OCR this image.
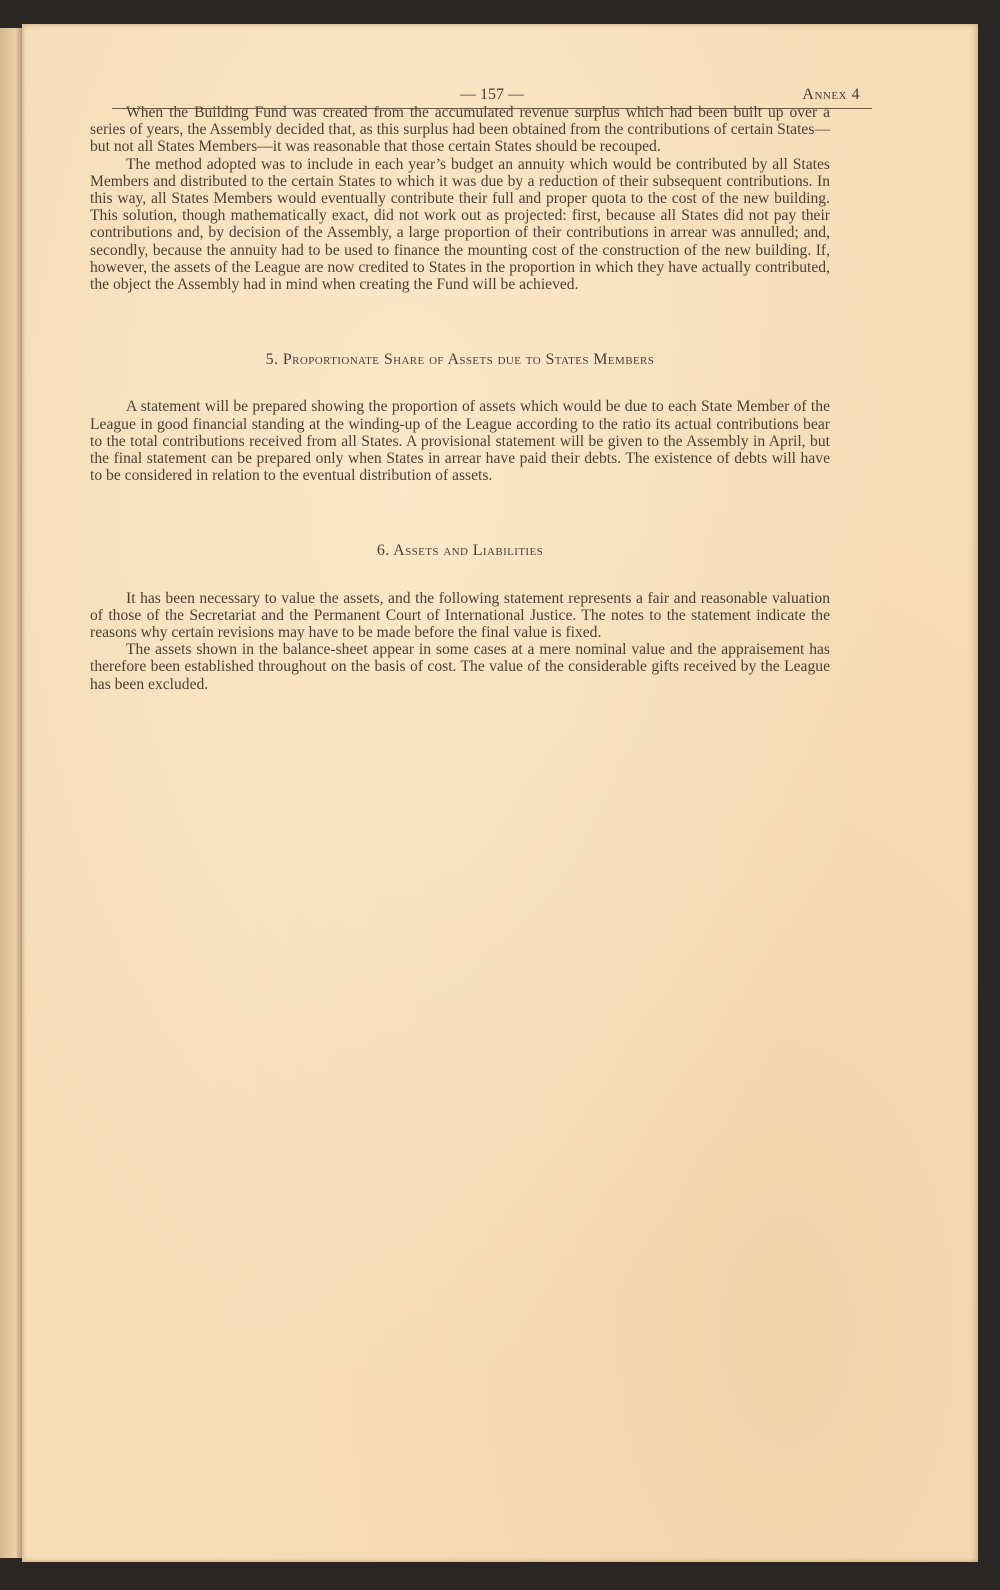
— 157 —	Annex 4

When the Building Fund was created from the accumulated revenue surplus which had been built up over a series of years, the Assembly decided that, as this surplus had been obtained from the contributions of certain States—but not all States Members—it was reasonable that those certain States should be recouped.

The method adopted was to include in each year’s budget an annuity which would be contributed by all States Members and distributed to the certain States to which it was due by a reduction of their subsequent contributions. In this way, all States Members would eventually contribute their full and proper quota to the cost of the new building. This solution, though mathematically exact, did not work out as projected: first, because all States did not pay their contributions and, by decision of the Assembly, a large proportion of their contributions in arrear was annulled; and, secondly, because the annuity had to be used to finance the mounting cost of the construction of the new building. If, however, the assets of the League are now credited to States in the proportion in which they have actually contributed, the object the Assembly had in mind when creating the Fund will be achieved.

5. Proportionate Share of Assets due to States Members

A statement will be prepared showing the proportion of assets which would be due to each State Member of the League in good financial standing at the winding-up of the League according to the ratio its actual contributions bear to the total contributions received from all States. A provisional statement will be given to the Assembly in April, but the final statement can be prepared only when States in arrear have paid their debts. The existence of debts will have to be considered in relation to the eventual distribution of assets.

6. Assets and Liabilities

It has been necessary to value the assets, and the following statement represents a fair and reasonable valuation of those of the Secretariat and the Permanent Court of International Justice. The notes to the statement indicate the reasons why certain revisions may have to be made before the final value is fixed.

The assets shown in the balance-sheet appear in some cases at a mere nominal value and the appraisement has therefore been established throughout on the basis of cost. The value of the considerable gifts received by the League has been excluded.
